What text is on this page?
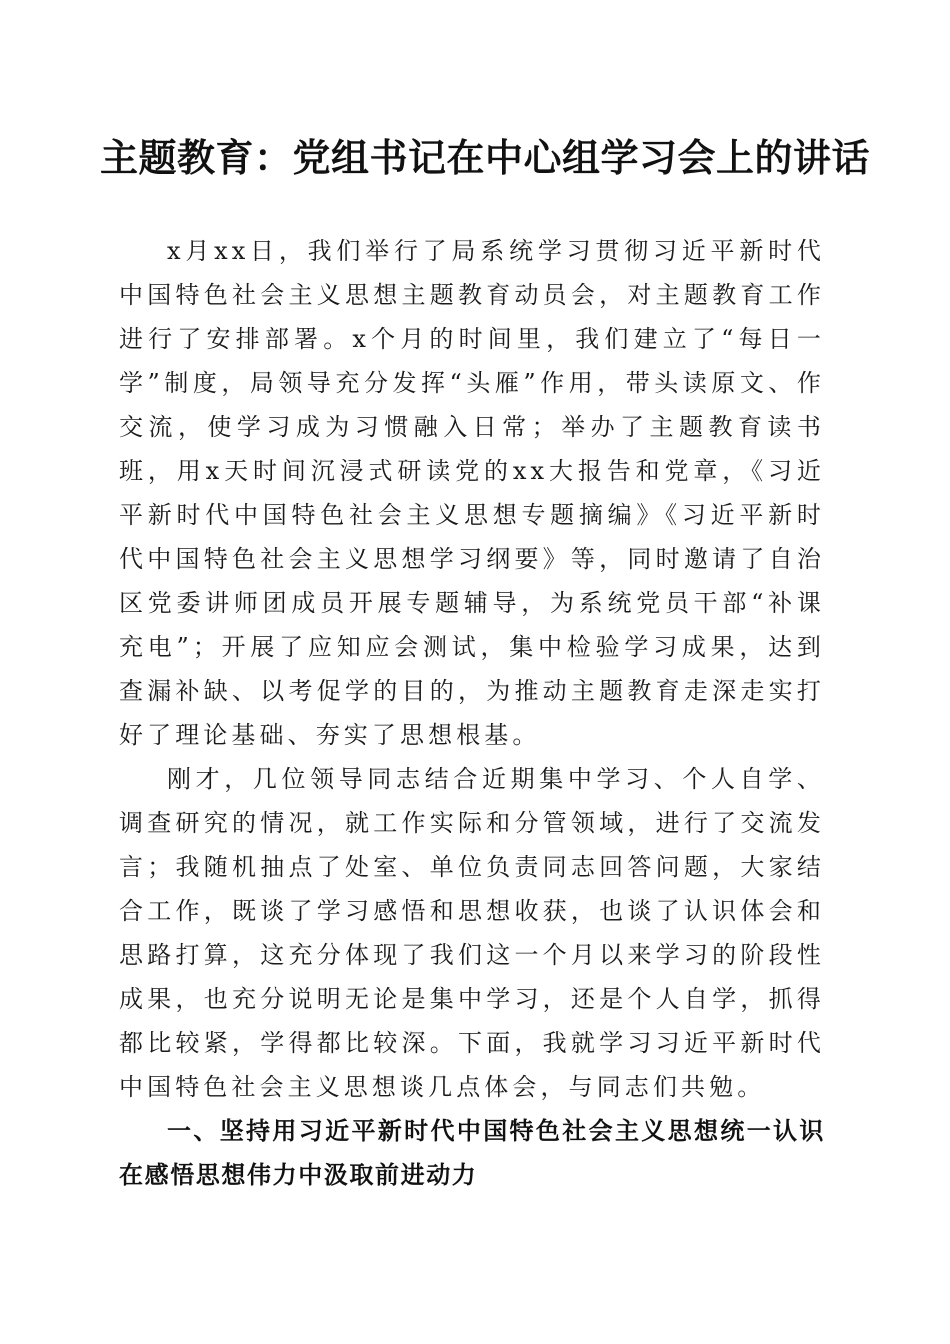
主题教育：党组书记在中心组学习会上的讲话

x月xx日，我们举行了局系统学习贯彻习近平新时代中国特色社会主义思想主题教育动员会，对主题教育工作进行了安排部署。x个月的时间里，我们建立了“每日一学”制度，局领导充分发挥“头雁”作用，带头读原文、作交流，使学习成为习惯融入日常；举办了主题教育读书班，用x天时间沉浸式研读党的xx大报告和党章，《习近平新时代中国特色社会主义思想专题摘编》《习近平新时代中国特色社会主义思想学习纲要》等，同时邀请了自治区党委讲师团成员开展专题辅导，为系统党员干部“补课充电”；开展了应知应会测试，集中检验学习成果，达到查漏补缺、以考促学的目的，为推动主题教育走深走实打好了理论基础、夯实了思想根基。

刚才，几位领导同志结合近期集中学习、个人自学、调查研究的情况，就工作实际和分管领域，进行了交流发言；我随机抽点了处室、单位负责同志回答问题，大家结合工作，既谈了学习感悟和思想收获，也谈了认识体会和思路打算，这充分体现了我们这一个月以来学习的阶段性成果，也充分说明无论是集中学习，还是个人自学，抓得都比较紧，学得都比较深。下面，我就学习习近平新时代中国特色社会主义思想谈几点体会，与同志们共勉。

一、坚持用习近平新时代中国特色社会主义思想统一认识在感悟思想伟力中汲取前进动力
